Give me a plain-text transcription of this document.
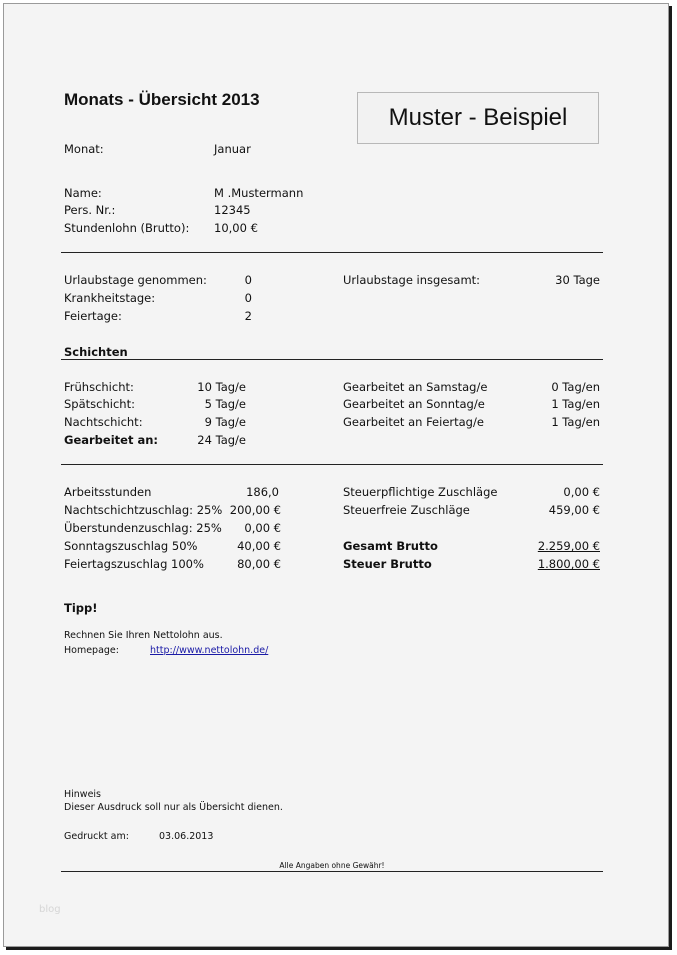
Monats - Übersicht 2013
Muster - Beispiel
Monat:	Januar
Name:	M .Mustermann
Pers. Nr.:	12345
Stundenlohn (Brutto): 10,00 €
Urlaubstage genommen:	0
Krankheitstage:	0
Feiertage:	2
Urlaubstage insgesamt:	30 Tage
Schichten
Frühschicht:	10 Tag/e
Spätschicht:	5 Tag/e
Nachtschicht:	9 Tag/e
Gearbeitet an:	24 Tag/e
Gearbeitet an Samstag/e	0 Tag/en
Gearbeitet an Sonntag/e	1 Tag/en
Gearbeitet an Feiertag/e	1 Tag/en
Arbeitsstunden	186,0
Nachtschichtzuschlag: 25% 200,00 €
Überstundenzuschlag: 25%	0,00 €
Sonntagszuschlag 50%	40,00 €
Feiertagszuschlag 100%	80,00 €
Steuerpflichtige Zuschläge	0,00 €
Steuerfreie Zuschläge	459,00 €
Gesamt Brutto	2.259,00 €
Steuer Brutto	1.800,00 €
Tipp!
Rechnen Sie Ihren Nettolohn aus.
Homepage:	http://www.nettolohn.de/
Hinweis
Dieser Ausdruck soll nur als Übersicht dienen.
Gedruckt am:	03.06.2013
Alle Angaben ohne Gewähr!
blog
